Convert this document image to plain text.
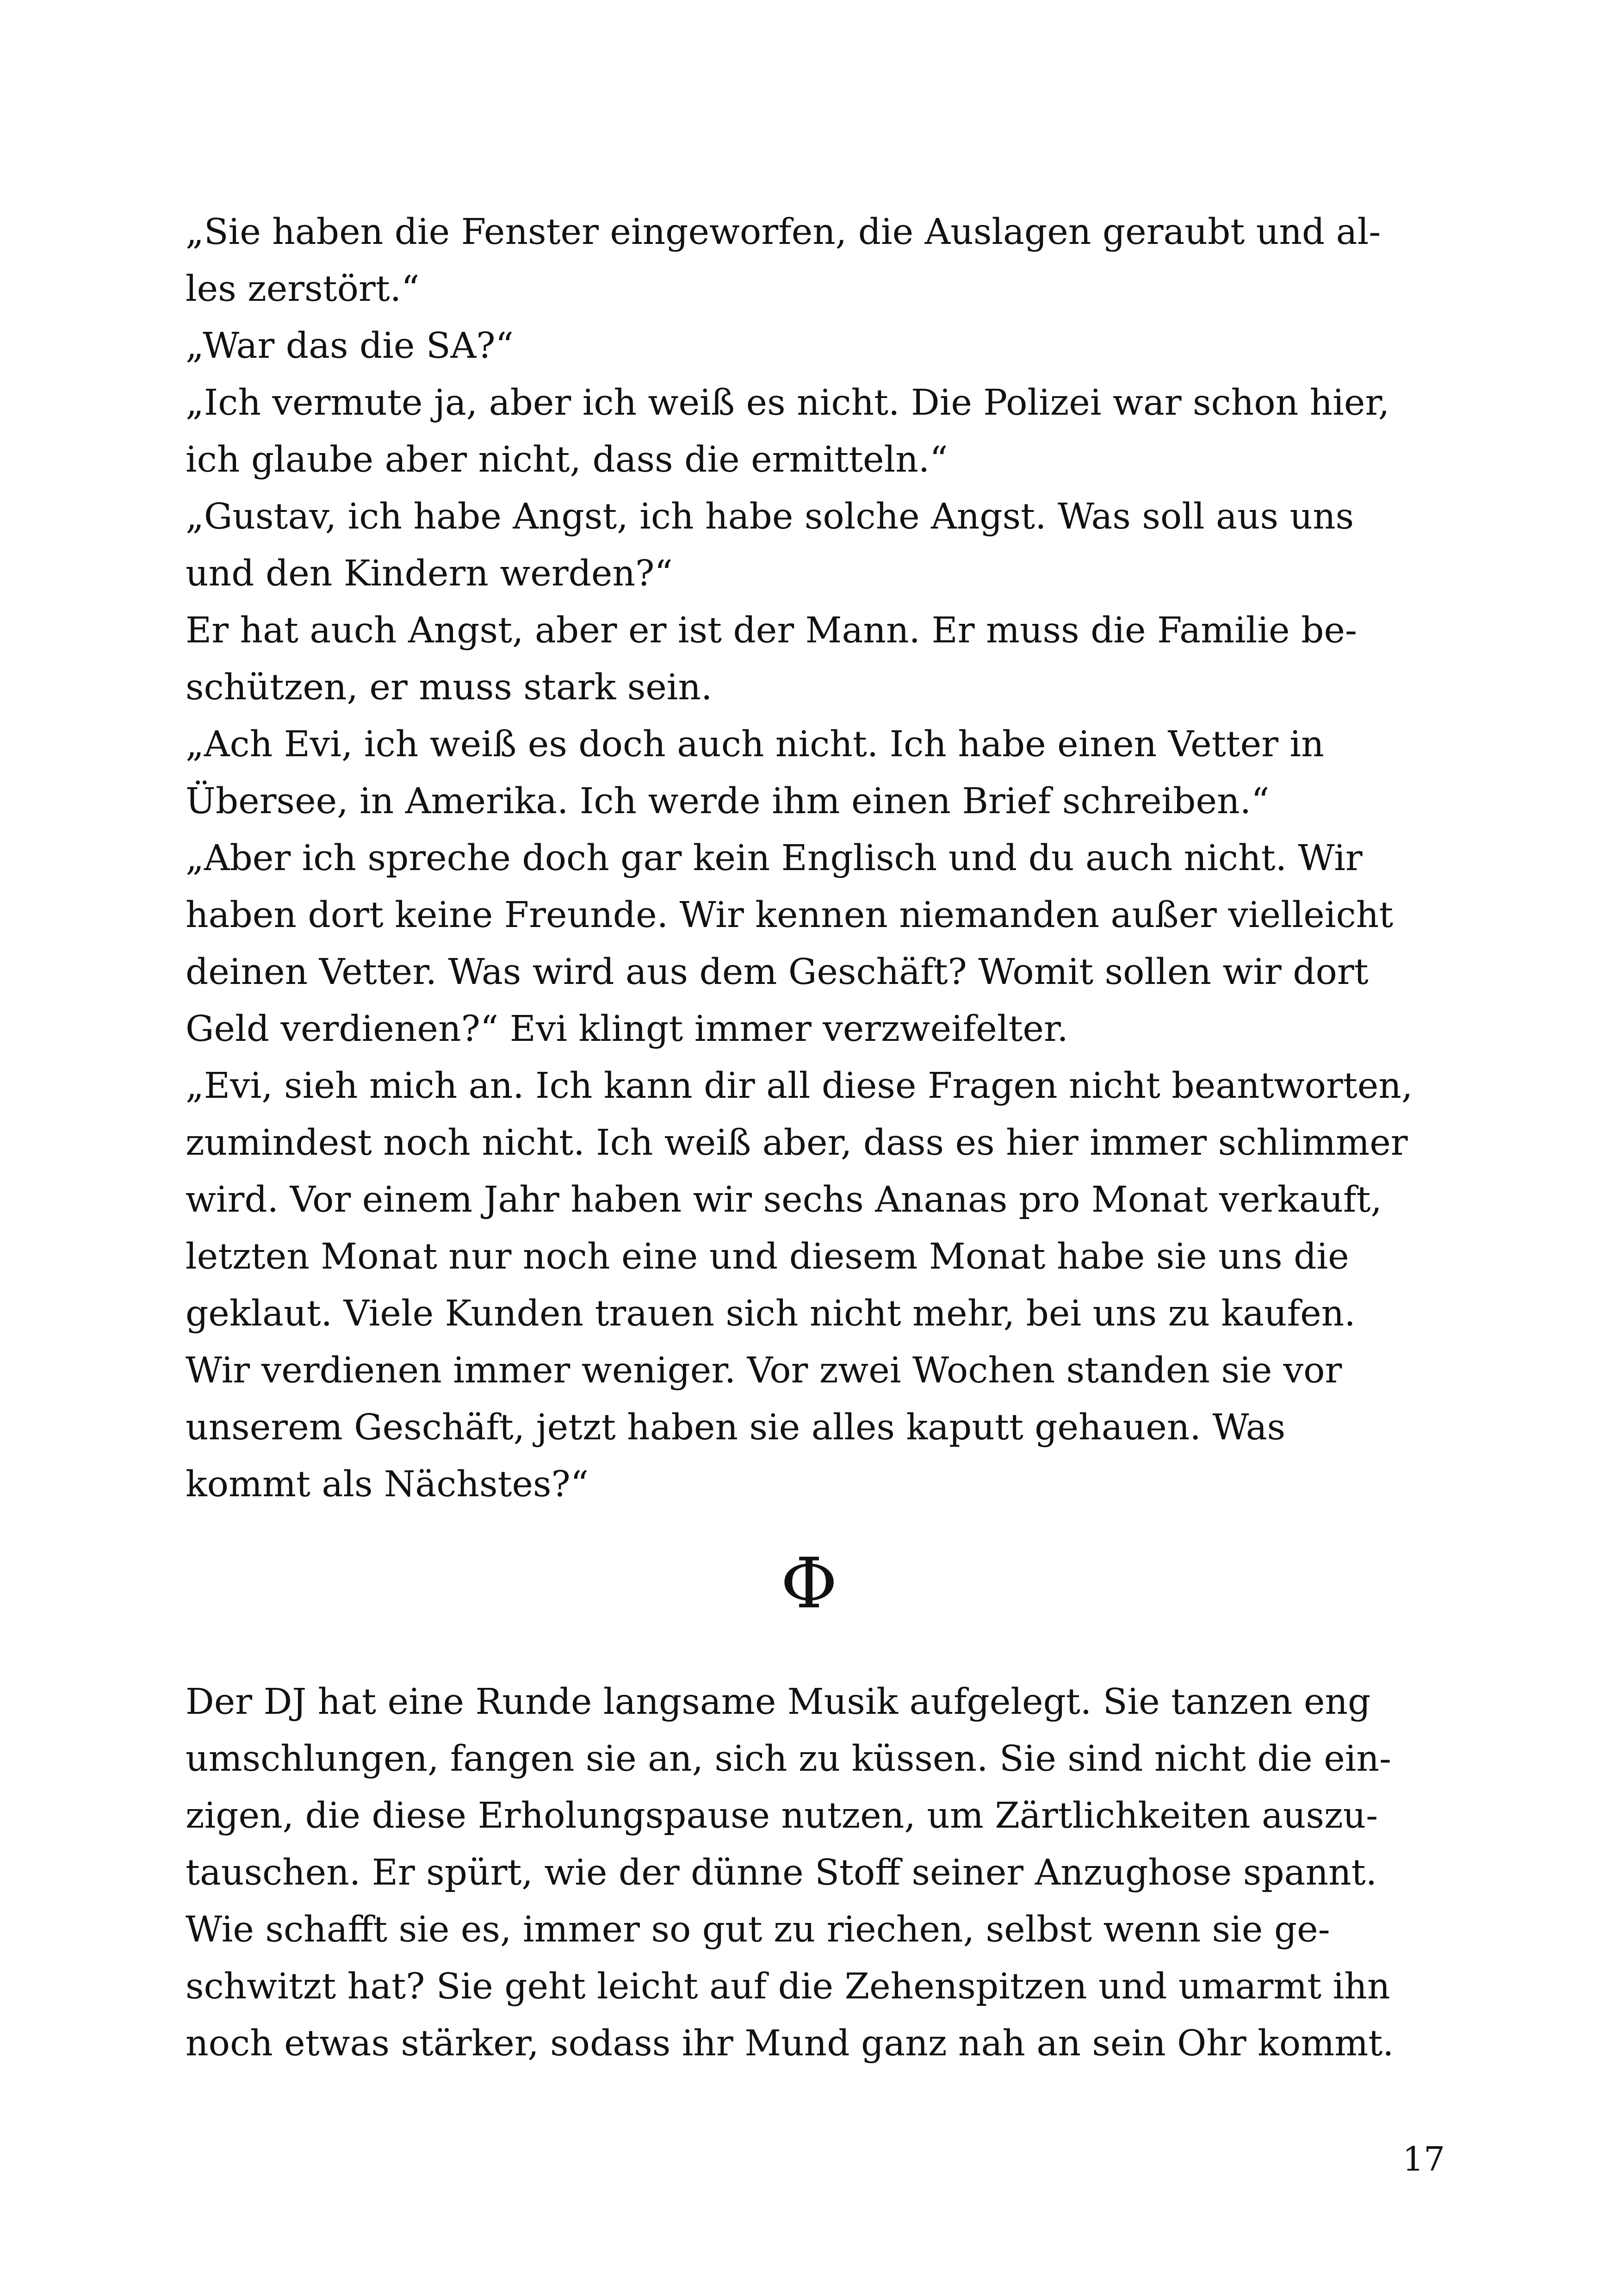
„Sie haben die Fenster eingeworfen, die Auslagen geraubt und al-
les zerstört.“
„War das die SA?“
„Ich vermute ja, aber ich weiß es nicht. Die Polizei war schon hier,
ich glaube aber nicht, dass die ermitteln.“
„Gustav, ich habe Angst, ich habe solche Angst. Was soll aus uns
und den Kindern werden?“
Er hat auch Angst, aber er ist der Mann. Er muss die Familie be-
schützen, er muss stark sein.
„Ach Evi, ich weiß es doch auch nicht. Ich habe einen Vetter in
Übersee, in Amerika. Ich werde ihm einen Brief schreiben.“
„Aber ich spreche doch gar kein Englisch und du auch nicht. Wir
haben dort keine Freunde. Wir kennen niemanden außer vielleicht
deinen Vetter. Was wird aus dem Geschäft? Womit sollen wir dort
Geld verdienen?“ Evi klingt immer verzweifelter.
„Evi, sieh mich an. Ich kann dir all diese Fragen nicht beantworten,
zumindest noch nicht. Ich weiß aber, dass es hier immer schlimmer
wird. Vor einem Jahr haben wir sechs Ananas pro Monat verkauft,
letzten Monat nur noch eine und diesem Monat habe sie uns die
geklaut. Viele Kunden trauen sich nicht mehr, bei uns zu kaufen.
Wir verdienen immer weniger. Vor zwei Wochen standen sie vor
unserem Geschäft, jetzt haben sie alles kaputt gehauen. Was
kommt als Nächstes?“
Φ
Der DJ hat eine Runde langsame Musik aufgelegt. Sie tanzen eng
umschlungen, fangen sie an, sich zu küssen. Sie sind nicht die ein-
zigen, die diese Erholungspause nutzen, um Zärtlichkeiten auszu-
tauschen. Er spürt, wie der dünne Stoff seiner Anzughose spannt.
Wie schafft sie es, immer so gut zu riechen, selbst wenn sie ge-
schwitzt hat? Sie geht leicht auf die Zehenspitzen und umarmt ihn
noch etwas stärker, sodass ihr Mund ganz nah an sein Ohr kommt.
17
